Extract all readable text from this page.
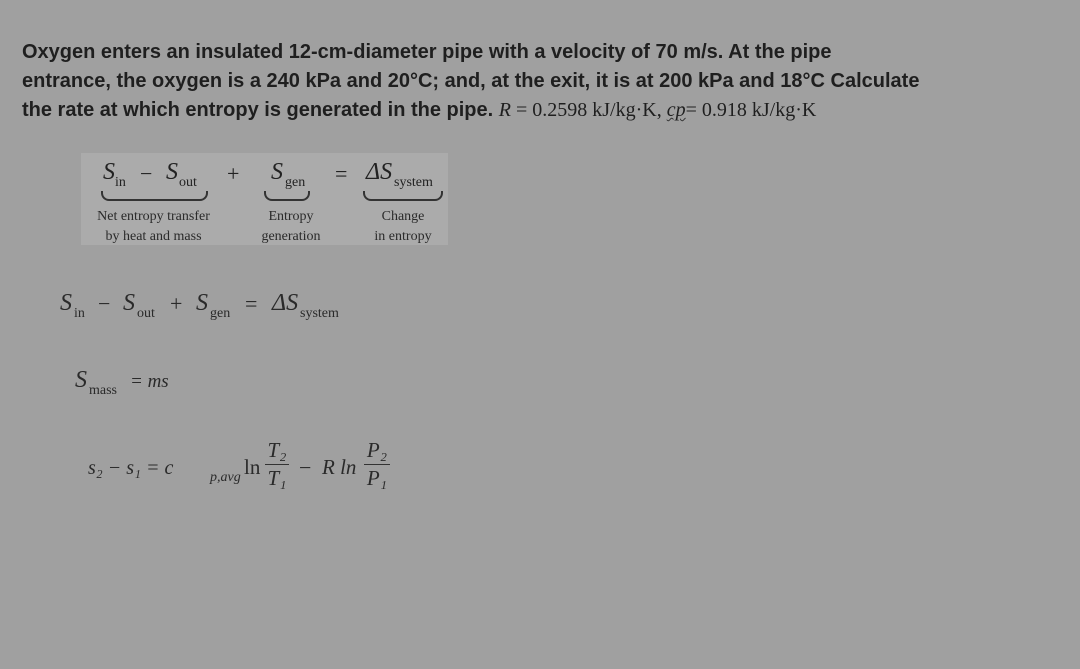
Oxygen enters an insulated 12-cm-diameter pipe with a velocity of 70 m/s. At the pipe
entrance, the oxygen is a 240 kPa and 20°C; and, at the exit, it is at 200 kPa and 18°C Calculate
the rate at which entropy is generated in the pipe. R = 0.2598 kJ/kg·K, cp= 0.918 kJ/kg·K
S in − S out + S gen = ΔS system
Net entropy transfer
by heat and mass
Entropy
generation
Change
in entropy
S in − S out + S gen = ΔS system
S mass = ms
s₂ − s₁ = c	p,avg ln
T₂
T₁ − R ln
P₂
P₁
